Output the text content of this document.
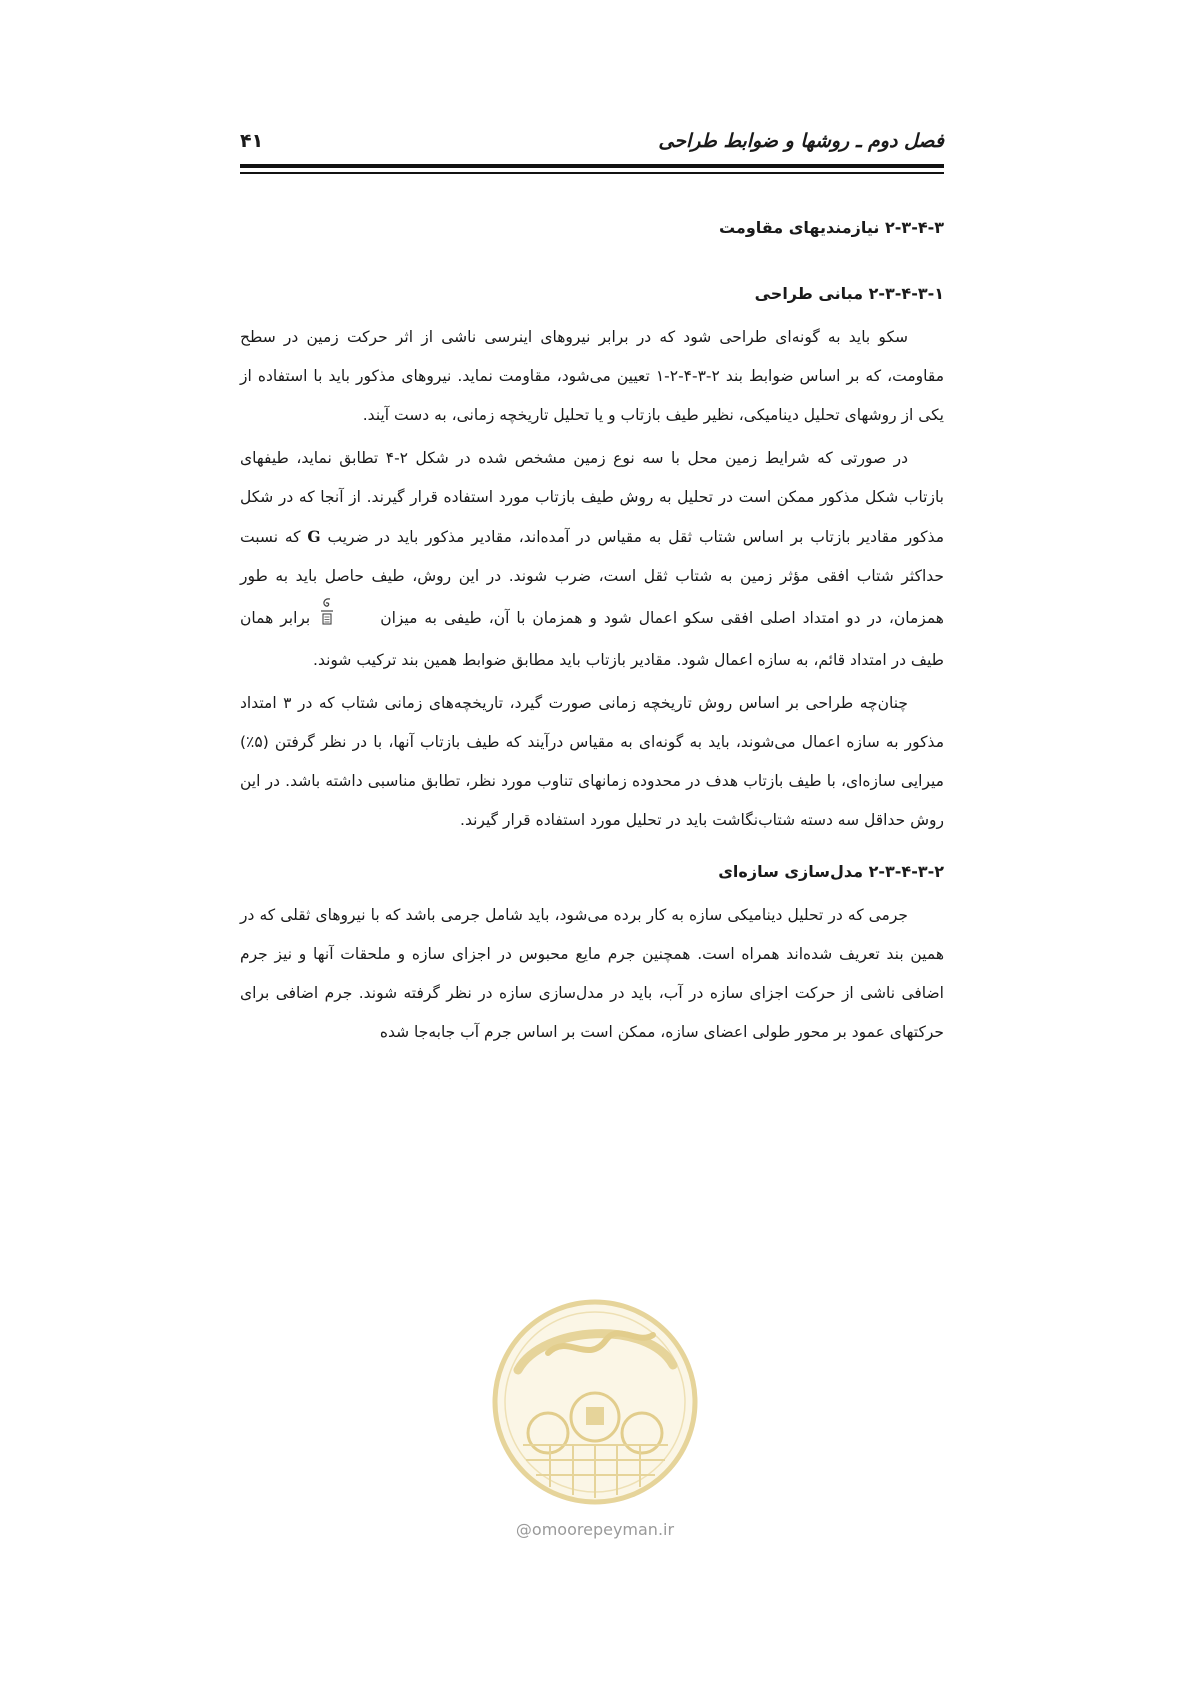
فصل دوم ـ روشها و ضوابط طراحی
۴۱
۲-۳-۴-۳ نیازمندیهای مقاومت
۲-۳-۴-۳-۱ مبانی طراحی

سکو باید به گونه‌ای طراحی شود که در برابر نیروهای اینرسی ناشی از اثر حرکت زمین در سطح مقاومت، که بر اساس ضوابط بند ۲-۳-۴-۲-۱ تعیین می‌شود، مقاومت نماید. نیروهای مذکور باید با استفاده از یکی از روشهای تحلیل دینامیکی، نظیر طیف بازتاب و یا تحلیل تاریخچه زمانی، به دست آیند.

در صورتی که شرایط زمین محل با سه نوع زمین مشخص شده در شکل ۲-۴ تطابق نماید، طیفهای بازتاب شکل مذکور ممکن است در تحلیل به روش طیف بازتاب مورد استفاده قرار گیرند. از آنجا که در شکل مذکور مقادیر بازتاب بر اساس شتاب ثقل به مقیاس در آمده‌اند، مقادیر مذکور باید در ضریب G که نسبت حداکثر شتاب افقی مؤثر زمین به شتاب ثقل است، ضرب شوند. در این روش، طیف حاصل باید به طور همزمان، در دو امتداد اصلی افقی سکو اعمال شود و همزمان با آن، طیفی به میزان  برابر همان طیف در امتداد قائم، به سازه اعمال شود. مقادیر بازتاب باید مطابق ضوابط همین بند ترکیب شوند.

چنان‌چه طراحی بر اساس روش تاریخچه زمانی صورت گیرد، تاریخچه‌های زمانی شتاب که در ۳ امتداد مذکور به سازه اعمال می‌شوند، باید به گونه‌ای به مقیاس درآیند که طیف بازتاب آنها، با در نظر گرفتن (۵٪) میرایی سازه‌ای، با طیف بازتاب هدف در محدوده زمانهای تناوب مورد نظر، تطابق مناسبی داشته باشد. در این روش حداقل سه دسته شتاب‌نگاشت باید در تحلیل مورد استفاده قرار گیرند.

۲-۳-۴-۳-۲ مدل‌سازی سازه‌ای

جرمی که در تحلیل دینامیکی سازه به کار برده می‌شود، باید شامل جرمی باشد که با نیروهای ثقلی که در همین بند تعریف شده‌اند همراه است. همچنین جرم مایع محبوس در اجزای سازه و ملحقات آنها و نیز جرم اضافی ناشی از حرکت اجزای سازه در آب، باید در مدل‌سازی سازه در نظر گرفته شوند. جرم اضافی برای حرکتهای عمود بر محور طولی اعضای سازه، ممکن است بر اساس جرم آب جابه‌جا شده

@omoorepeyman.ir
